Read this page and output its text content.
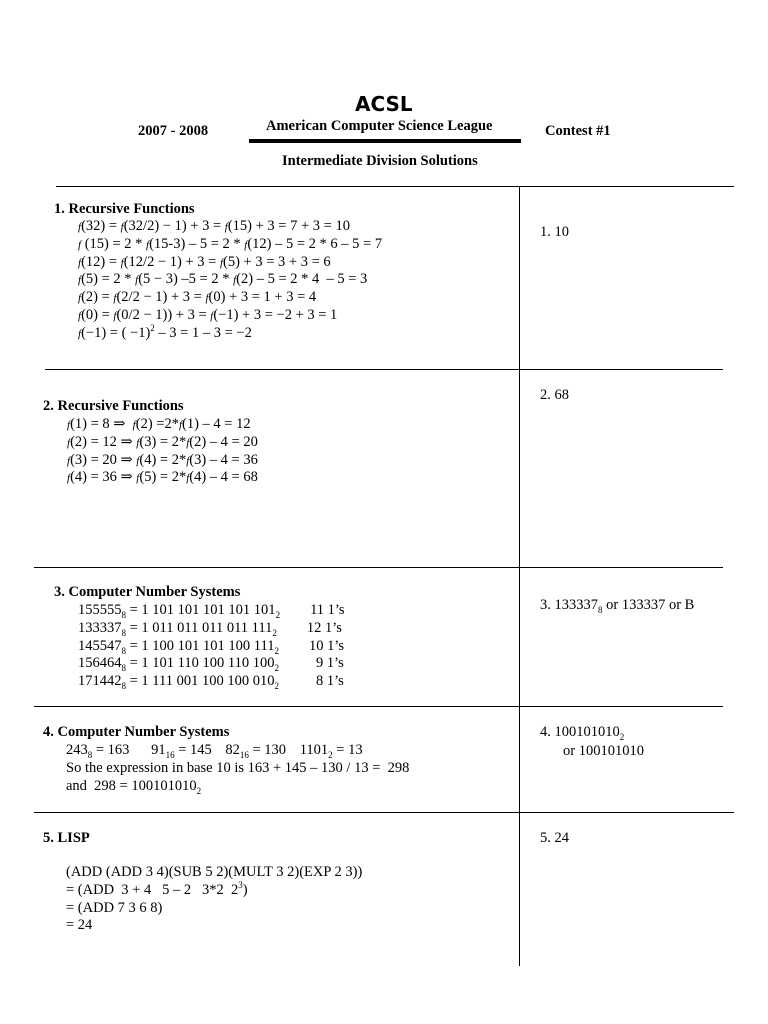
ACSL
2007 - 2008	American Computer Science League	Contest #1
Intermediate Division Solutions
1. Recursive Functions
f(32) = f(32/2) − 1) + 3 = f(15) + 3 = 7 + 3 = 10
f (15) = 2 * f(15-3) – 5 = 2 * f(12) – 5 = 2 * 6 – 5 = 7
f(12) = f(12/2 − 1) + 3 = f(5) + 3 = 3 + 3 = 6
f(5) = 2 * f(5 − 3) –5 = 2 * f(2) – 5 = 2 * 4  – 5 = 3
f(2) = f(2/2 − 1) + 3 = f(0) + 3 = 1 + 3 = 4
f(0) = f(0/2 − 1)) + 3 = f(−1) + 3 = −2 + 3 = 1
f(−1) = ( −1)$^2$ – 3 = 1 – 3 = −2
1. 10
2. Recursive Functions
f(1) = 8 ⇒  f(2) =2*f(1) – 4 = 12
f(2) = 12 ⇒ f(3) = 2*f(2) – 4 = 20
f(3) = 20 ⇒ f(4) = 2*f(3) – 4 = 36
f(4) = 36 ⇒ f(5) = 2*f(4) – 4 = 68
2. 68
3. Computer Number Systems
$155555_8 = 1$ 101 101 101 101 $101_2$ 11 1’s
$133337_8 = 1$ 011 011 011 011 $111_2$ 12 1’s
$145547_8 = 1$ 100 101 101 100 $111_2$ 10 1’s
$156464_8 = 1$ 101 110 100 110 $100_2$	9 1’s
$171442_8 = 1$ 111 001 100 100 $010_2$	8 1’s
3. $133337_8$ or 133337 or B
4. Computer Number Systems
$243_8 = 163$ $91_{16} = 145$ $82_{16} = 130$ $1101_2 = 13$
So the expression in base 10 is 163 + 145 – 130 / 13 =  298
and  $298 = 100101010_2$
4. $100101010_2$
or 100101010
5. LISP
(ADD (ADD 3 4)(SUB 5 2)(MULT 3 2)(EXP 2 3))
= (ADD  3 + 4   5 – 2   3*2  $2^3$)
= (ADD 7 3 6 8)
= 24
5. 24
